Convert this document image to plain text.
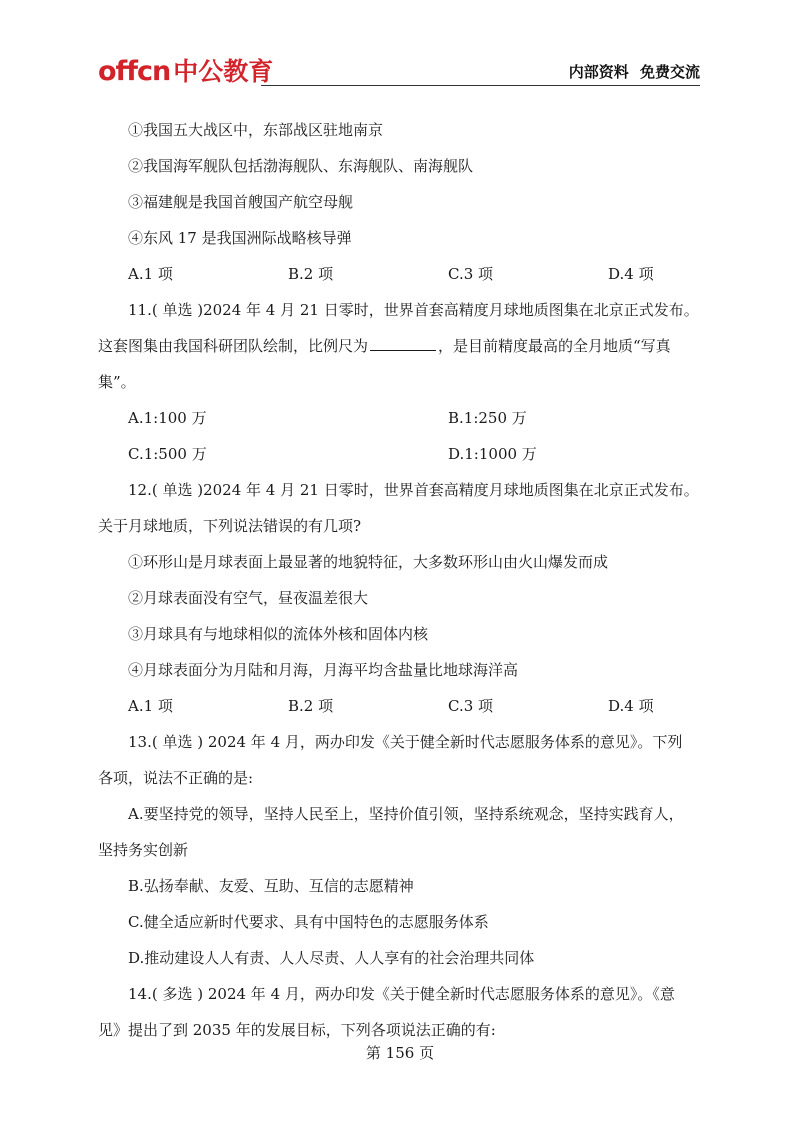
offcn 中公教育	内部资料 免费交流
①我国五大战区中，东部战区驻地南京
②我国海军舰队包括渤海舰队、东海舰队、南海舰队
③福建舰是我国首艘国产航空母舰
④东风 17 是我国洲际战略核导弹
A.1 项	B.2 项	C.3 项	D.4 项
11.( 单选 )2024 年 4 月 21 日零时，世界首套高精度月球地质图集在北京正式发布。
这套图集由我国科研团队绘制，比例尺为	，是目前精度最高的全月地质“写真
集”。
A.1:100 万	B.1:250 万
C.1:500 万	D.1:1000 万
12.( 单选 )2024 年 4 月 21 日零时，世界首套高精度月球地质图集在北京正式发布。
关于月球地质，下列说法错误的有几项?
①环形山是月球表面上最显著的地貌特征，大多数环形山由火山爆发而成
②月球表面没有空气，昼夜温差很大
③月球具有与地球相似的流体外核和固体内核
④月球表面分为月陆和月海，月海平均含盐量比地球海洋高
A.1 项	B.2 项	C.3 项	D.4 项
13.( 单选 ) 2024 年 4 月，两办印发《关于健全新时代志愿服务体系的意见》。下列
各项，说法不正确的是:
A.要坚持党的领导，坚持人民至上，坚持价值引领，坚持系统观念，坚持实践育人，
坚持务实创新
B.弘扬奉献、友爱、互助、互信的志愿精神
C.健全适应新时代要求、具有中国特色的志愿服务体系
D.推动建设人人有责、人人尽责、人人享有的社会治理共同体
14.( 多选 ) 2024 年 4 月，两办印发《关于健全新时代志愿服务体系的意见》。《意
见》提出了到 2035 年的发展目标，下列各项说法正确的有:
第 156 页
